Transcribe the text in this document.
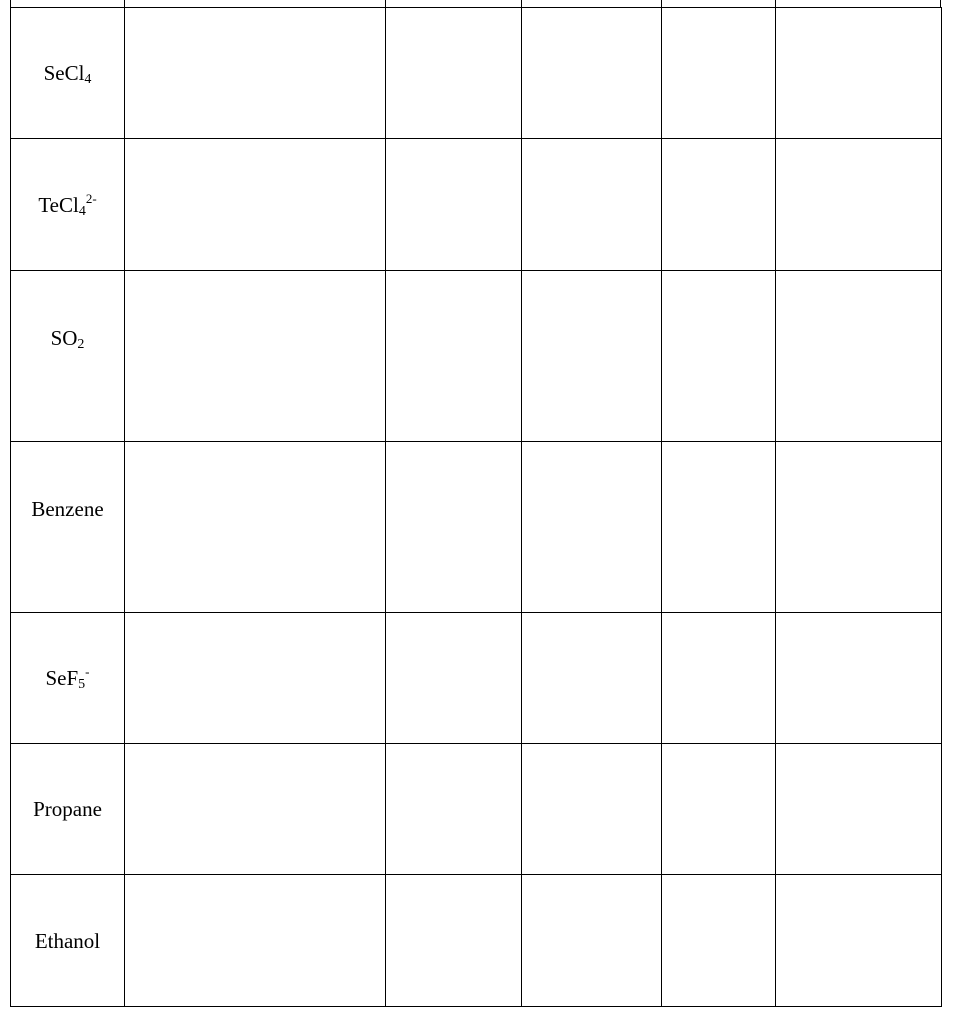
SeCl4					
$TeCl4^{2-}$					
SO2					
Benzene					
SeF5-					
Propane					
Ethanol					
